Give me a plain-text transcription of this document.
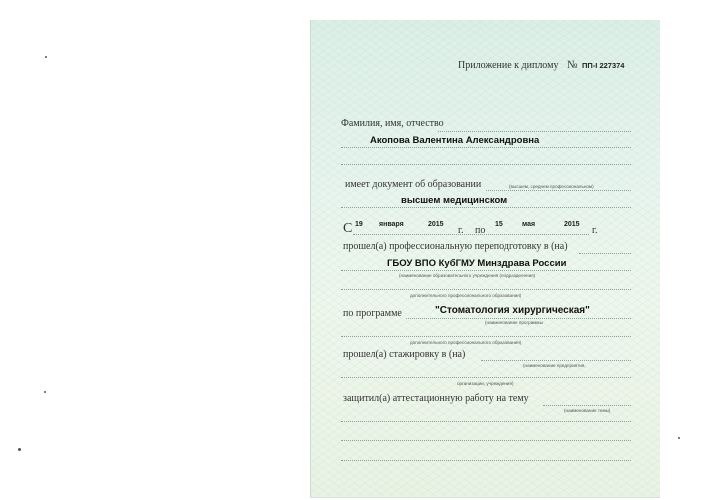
Приложение к диплому № ПП-I 227374
Фамилия, имя, отчество
Акопова Валентина Александровна
имеет документ об образовании	(высшем, среднем профессиональном)
высшем медицинском
С 19 января	2015
г. по
15	мая	2015
г.
прошел(а) профессиональную переподготовку в (на)
ГБОУ ВПО КубГМУ Минздрава России
(наименование образовательного учреждения (подразделения)
дополнительного профессионального образования)
по программе	"Стоматология хирургическая"
(наименование программы
дополнительного профессионального образования)
прошел(а) стажировку в (на)
(наименование предприятия,
организации, учреждения)
защитил(а) аттестационную работу на тему
(наименование темы)
